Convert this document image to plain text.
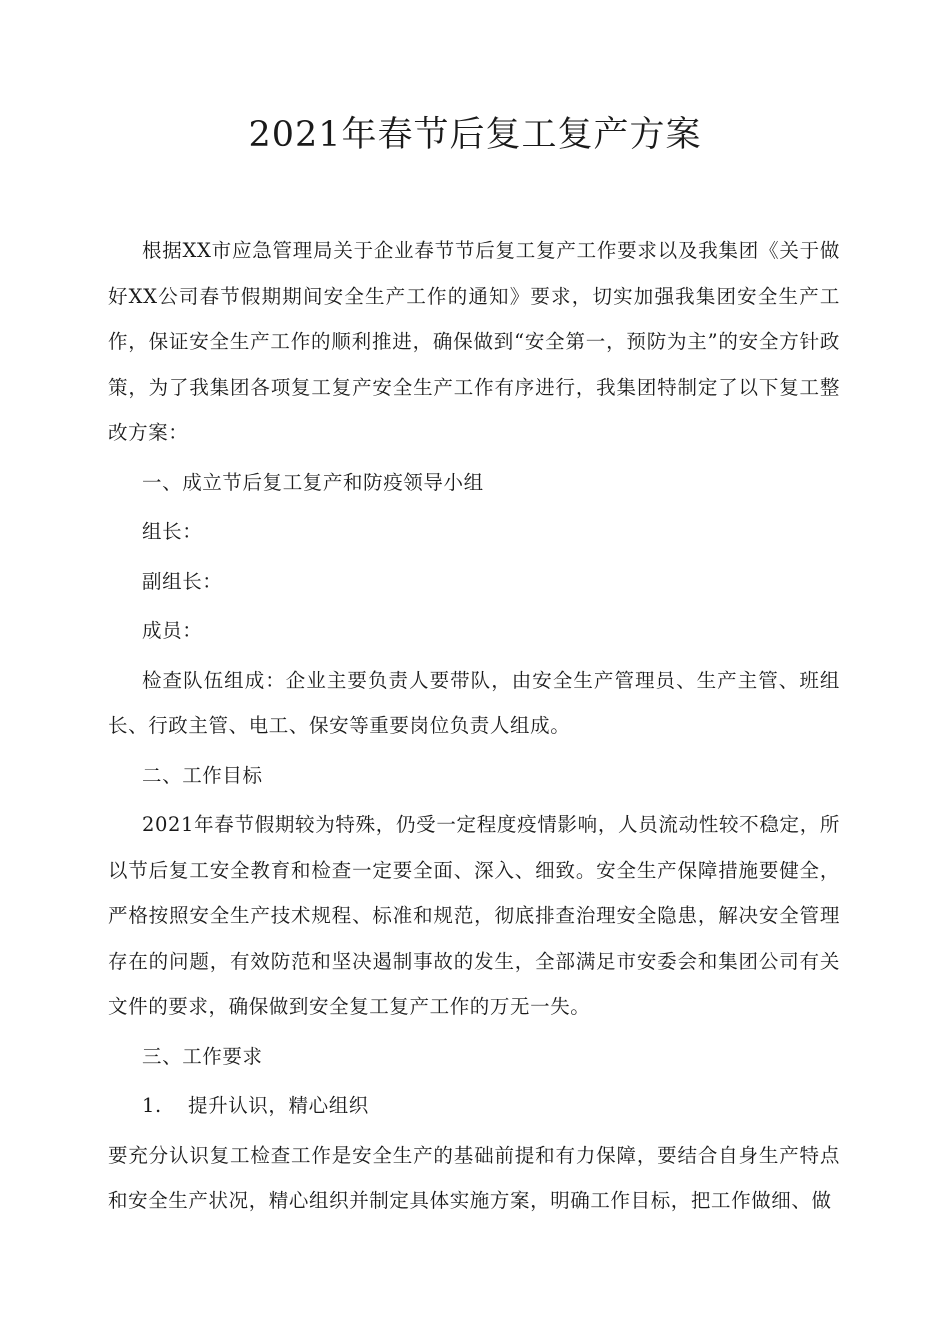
2021年春节后复工复产方案

根据XX市应急管理局关于企业春节节后复工复产工作要求以及我集团《关于做好XX公司春节假期期间安全生产工作的通知》要求，切实加强我集团安全生产工作，保证安全生产工作的顺利推进，确保做到“安全第一，预防为主”的安全方针政策，为了我集团各项复工复产安全生产工作有序进行，我集团特制定了以下复工整改方案：

一、成立节后复工复产和防疫领导小组

组长：

副组长：

成员：

检查队伍组成：企业主要负责人要带队，由安全生产管理员、生产主管、班组长、行政主管、电工、保安等重要岗位负责人组成。

二、工作目标

2021年春节假期较为特殊，仍受一定程度疫情影响，人员流动性较不稳定，所以节后复工安全教育和检查一定要全面、深入、细致。安全生产保障措施要健全，严格按照安全生产技术规程、标准和规范，彻底排查治理安全隐患，解决安全管理存在的问题，有效防范和坚决遏制事故的发生，全部满足市安委会和集团公司有关文件的要求，确保做到安全复工复产工作的万无一失。

三、工作要求

1. 提升认识，精心组织

要充分认识复工检查工作是安全生产的基础前提和有力保障，要结合自身生产特点和安全生产状况，精心组织并制定具体实施方案，明确工作目标，把工作做细、做
